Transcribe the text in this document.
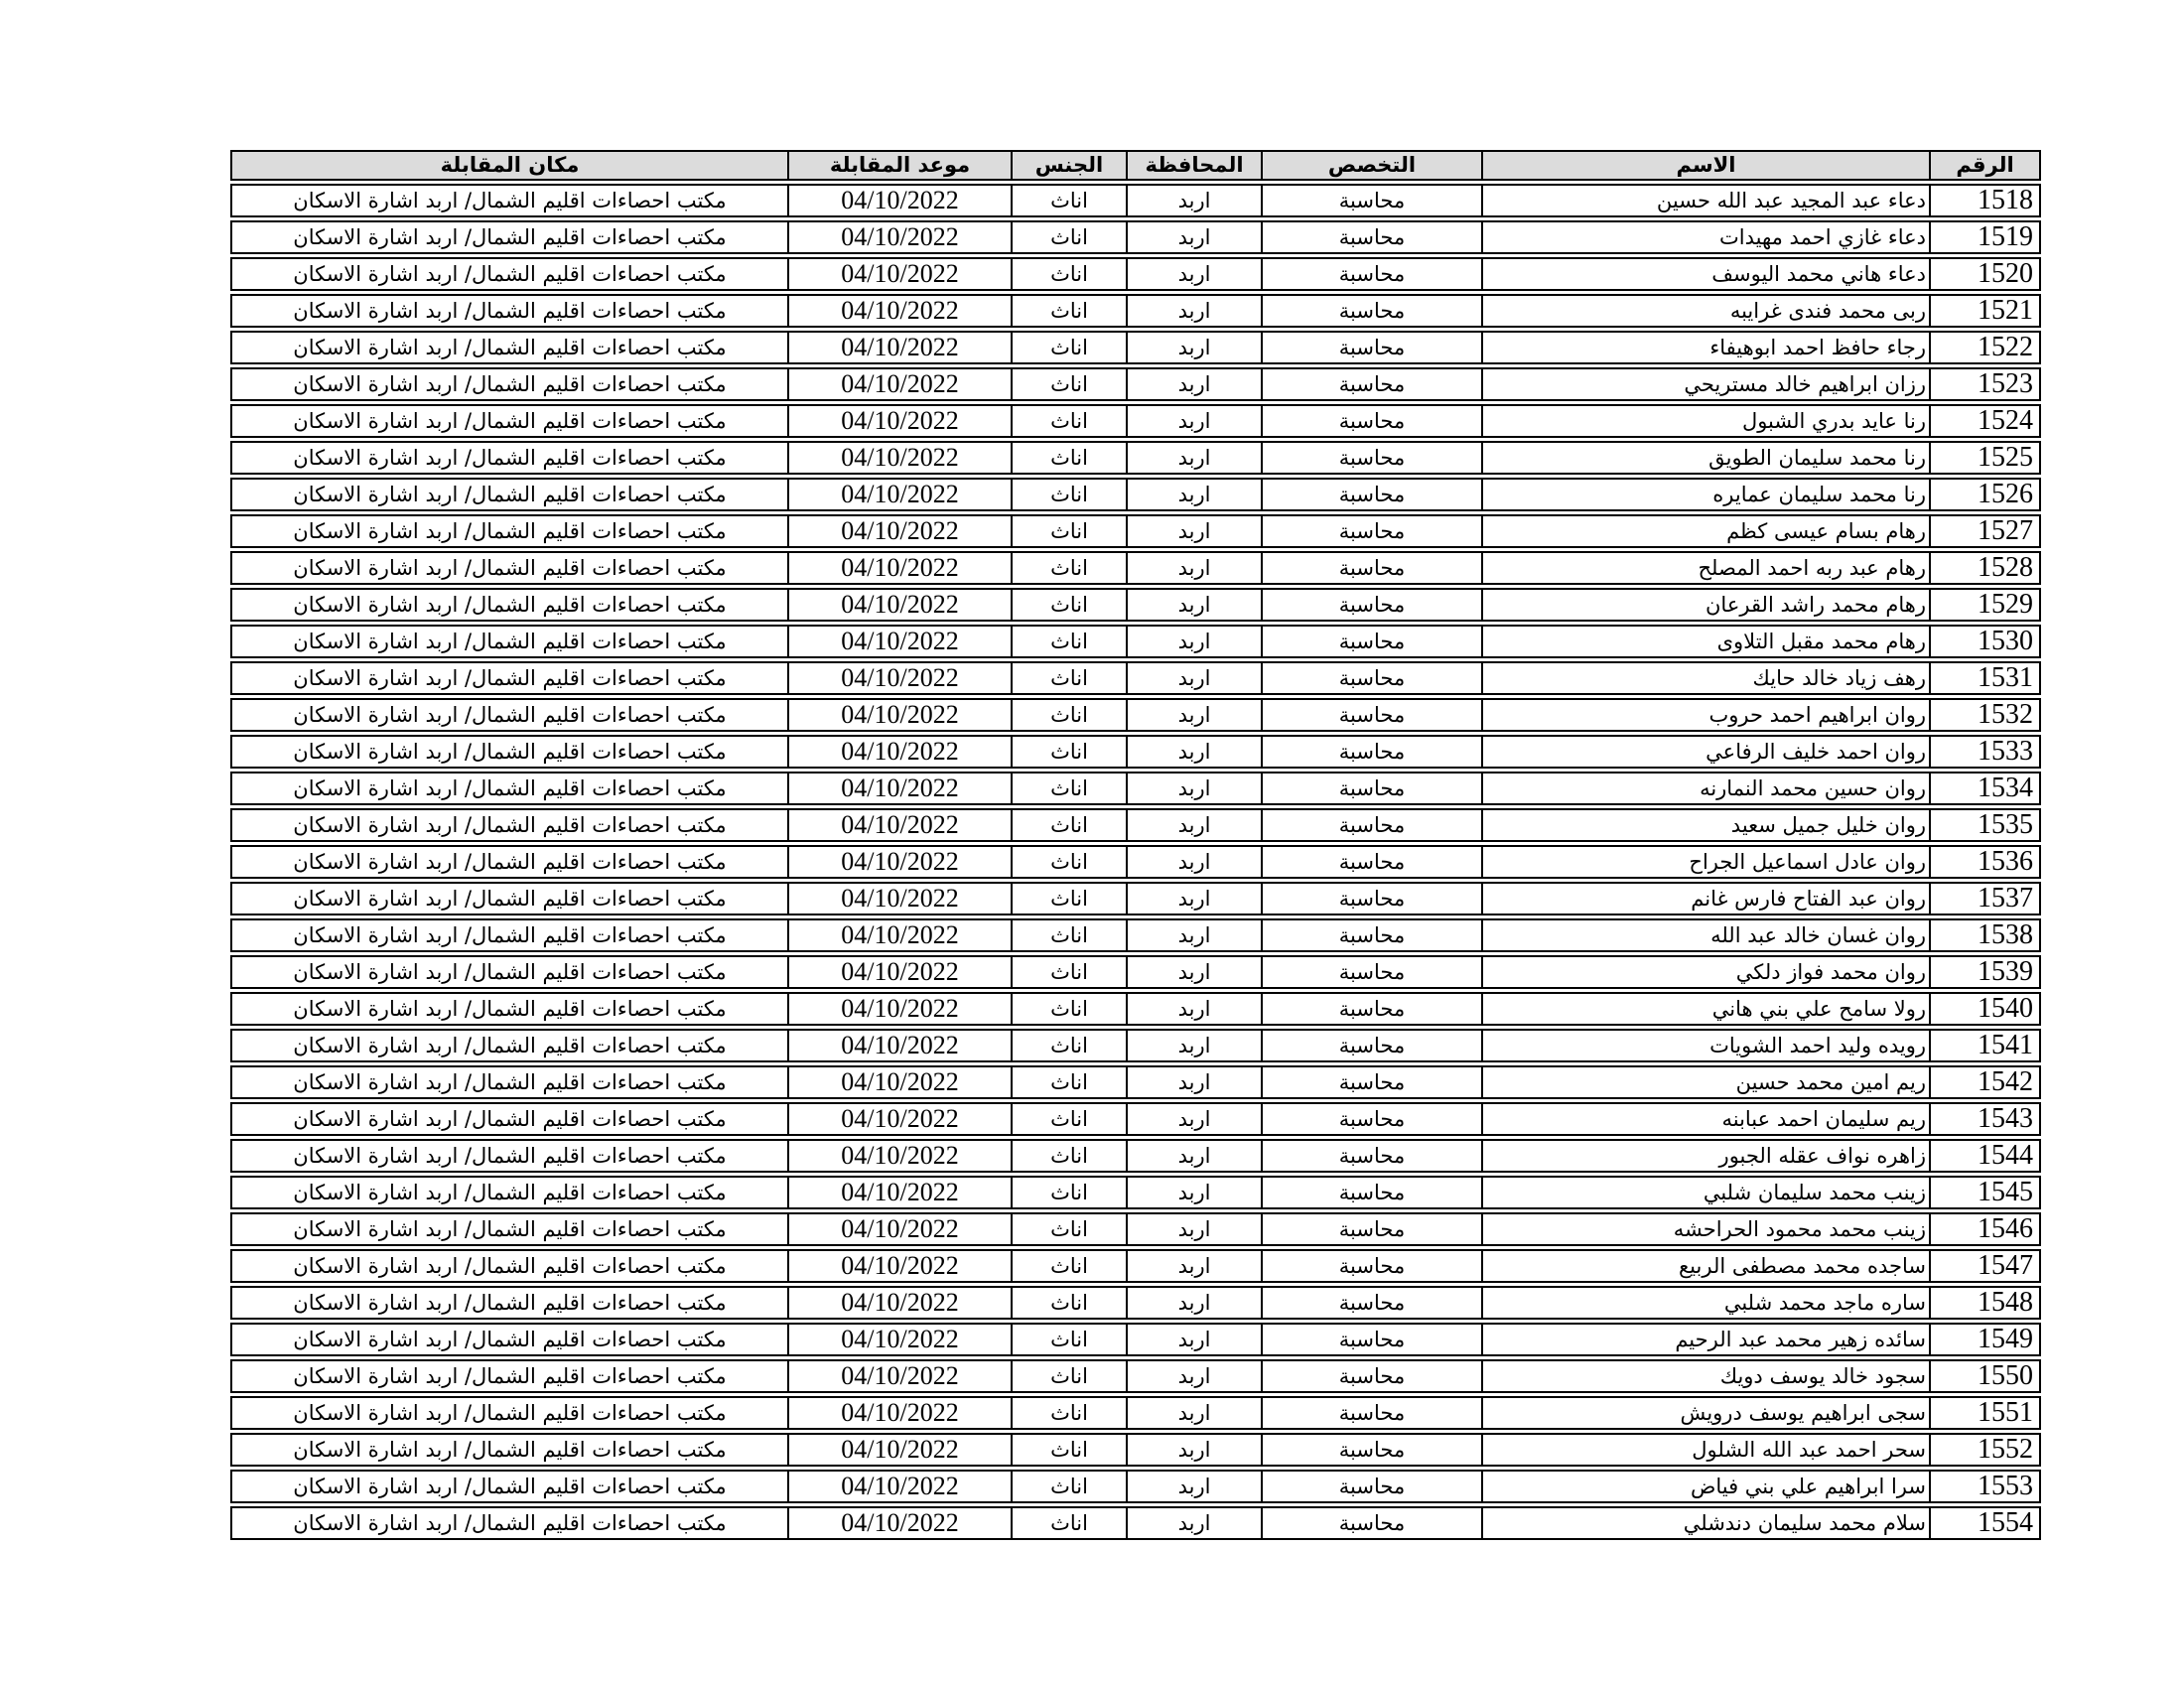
مكان المقابلة	موعد المقابلة	الجنس	المحافظة	التخصص	الاسم	الرقم
مكتب احصاءات اقليم الشمال/ اربد اشارة الاسكان	04/10/2022	اناث	اربد	محاسبة	دعاء عبد المجيد عبد الله حسين	1518
مكتب احصاءات اقليم الشمال/ اربد اشارة الاسكان	04/10/2022	اناث	اربد	محاسبة	دعاء غازي احمد مهيدات	1519
مكتب احصاءات اقليم الشمال/ اربد اشارة الاسكان	04/10/2022	اناث	اربد	محاسبة	دعاء هاني محمد اليوسف	1520
مكتب احصاءات اقليم الشمال/ اربد اشارة الاسكان	04/10/2022	اناث	اربد	محاسبة	ربى محمد فندى غرايبه	1521
مكتب احصاءات اقليم الشمال/ اربد اشارة الاسكان	04/10/2022	اناث	اربد	محاسبة	رجاء حافظ احمد ابوهيفاء	1522
مكتب احصاءات اقليم الشمال/ اربد اشارة الاسكان	04/10/2022	اناث	اربد	محاسبة	رزان ابراهيم خالد مستريحي	1523
مكتب احصاءات اقليم الشمال/ اربد اشارة الاسكان	04/10/2022	اناث	اربد	محاسبة	رنا عايد بدري الشبول	1524
مكتب احصاءات اقليم الشمال/ اربد اشارة الاسكان	04/10/2022	اناث	اربد	محاسبة	رنا محمد سليمان الطويق	1525
مكتب احصاءات اقليم الشمال/ اربد اشارة الاسكان	04/10/2022	اناث	اربد	محاسبة	رنا محمد سليمان عمايره	1526
مكتب احصاءات اقليم الشمال/ اربد اشارة الاسكان	04/10/2022	اناث	اربد	محاسبة	رهام بسام عيسى كظم	1527
مكتب احصاءات اقليم الشمال/ اربد اشارة الاسكان	04/10/2022	اناث	اربد	محاسبة	رهام عبد ربه احمد المصلح	1528
مكتب احصاءات اقليم الشمال/ اربد اشارة الاسكان	04/10/2022	اناث	اربد	محاسبة	رهام محمد راشد القرعان	1529
مكتب احصاءات اقليم الشمال/ اربد اشارة الاسكان	04/10/2022	اناث	اربد	محاسبة	رهام محمد مقبل التلاوى	1530
مكتب احصاءات اقليم الشمال/ اربد اشارة الاسكان	04/10/2022	اناث	اربد	محاسبة	رهف زياد خالد حايك	1531
مكتب احصاءات اقليم الشمال/ اربد اشارة الاسكان	04/10/2022	اناث	اربد	محاسبة	روان ابراهيم احمد حروب	1532
مكتب احصاءات اقليم الشمال/ اربد اشارة الاسكان	04/10/2022	اناث	اربد	محاسبة	روان احمد خليف الرفاعي	1533
مكتب احصاءات اقليم الشمال/ اربد اشارة الاسكان	04/10/2022	اناث	اربد	محاسبة	روان حسين محمد النمارنه	1534
مكتب احصاءات اقليم الشمال/ اربد اشارة الاسكان	04/10/2022	اناث	اربد	محاسبة	روان خليل جميل سعيد	1535
مكتب احصاءات اقليم الشمال/ اربد اشارة الاسكان	04/10/2022	اناث	اربد	محاسبة	روان عادل اسماعيل الجراح	1536
مكتب احصاءات اقليم الشمال/ اربد اشارة الاسكان	04/10/2022	اناث	اربد	محاسبة	روان عبد الفتاح فارس غانم	1537
مكتب احصاءات اقليم الشمال/ اربد اشارة الاسكان	04/10/2022	اناث	اربد	محاسبة	روان غسان خالد عبد الله	1538
مكتب احصاءات اقليم الشمال/ اربد اشارة الاسكان	04/10/2022	اناث	اربد	محاسبة	روان محمد فواز دلكي	1539
مكتب احصاءات اقليم الشمال/ اربد اشارة الاسكان	04/10/2022	اناث	اربد	محاسبة	رولا سامح علي بني هاني	1540
مكتب احصاءات اقليم الشمال/ اربد اشارة الاسكان	04/10/2022	اناث	اربد	محاسبة	رويده وليد احمد الشويات	1541
مكتب احصاءات اقليم الشمال/ اربد اشارة الاسكان	04/10/2022	اناث	اربد	محاسبة	ريم امين محمد حسين	1542
مكتب احصاءات اقليم الشمال/ اربد اشارة الاسكان	04/10/2022	اناث	اربد	محاسبة	ريم سليمان احمد عبابنه	1543
مكتب احصاءات اقليم الشمال/ اربد اشارة الاسكان	04/10/2022	اناث	اربد	محاسبة	زاهره نواف عقله الجبور	1544
مكتب احصاءات اقليم الشمال/ اربد اشارة الاسكان	04/10/2022	اناث	اربد	محاسبة	زينب محمد سليمان شلبي	1545
مكتب احصاءات اقليم الشمال/ اربد اشارة الاسكان	04/10/2022	اناث	اربد	محاسبة	زينب محمد محمود الحراحشه	1546
مكتب احصاءات اقليم الشمال/ اربد اشارة الاسكان	04/10/2022	اناث	اربد	محاسبة	ساجده محمد مصطفى الربيع	1547
مكتب احصاءات اقليم الشمال/ اربد اشارة الاسكان	04/10/2022	اناث	اربد	محاسبة	ساره ماجد محمد شلبي	1548
مكتب احصاءات اقليم الشمال/ اربد اشارة الاسكان	04/10/2022	اناث	اربد	محاسبة	سائده زهير محمد عبد الرحيم	1549
مكتب احصاءات اقليم الشمال/ اربد اشارة الاسكان	04/10/2022	اناث	اربد	محاسبة	سجود خالد يوسف دويك	1550
مكتب احصاءات اقليم الشمال/ اربد اشارة الاسكان	04/10/2022	اناث	اربد	محاسبة	سجى ابراهيم يوسف درويش	1551
مكتب احصاءات اقليم الشمال/ اربد اشارة الاسكان	04/10/2022	اناث	اربد	محاسبة	سحر احمد عبد الله الشلول	1552
مكتب احصاءات اقليم الشمال/ اربد اشارة الاسكان	04/10/2022	اناث	اربد	محاسبة	سرا ابراهيم علي بني فياض	1553
مكتب احصاءات اقليم الشمال/ اربد اشارة الاسكان	04/10/2022	اناث	اربد	محاسبة	سلام محمد سليمان دندشلي	1554
